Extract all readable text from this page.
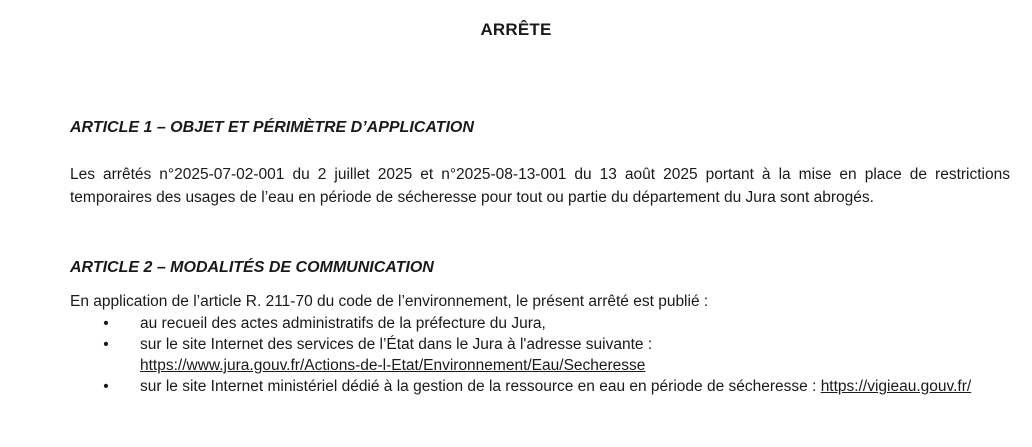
ARRÊTE
ARTICLE 1 – OBJET ET PÉRIMÈTRE D’APPLICATION
Les arrêtés n°2025-07-02-001 du 2 juillet 2025 et n°2025-08-13-001 du 13 août 2025 portant à la mise en place de restrictions temporaires des usages de l’eau en période de sécheresse pour tout ou partie du département du Jura sont abrogés.
ARTICLE 2 – MODALITÉS DE COMMUNICATION
En application de l’article R. 211-70 du code de l’environnement, le présent arrêté est publié :
• au recueil des actes administratifs de la préfecture du Jura,
• sur le site Internet des services de l’État dans le Jura à l'adresse suivante :
https://www.jura.gouv.fr/Actions-de-l-Etat/Environnement/Eau/Secheresse
• sur le site Internet ministériel dédié à la gestion de la ressource en eau en période de sécheresse : https://vigieau.gouv.fr/
